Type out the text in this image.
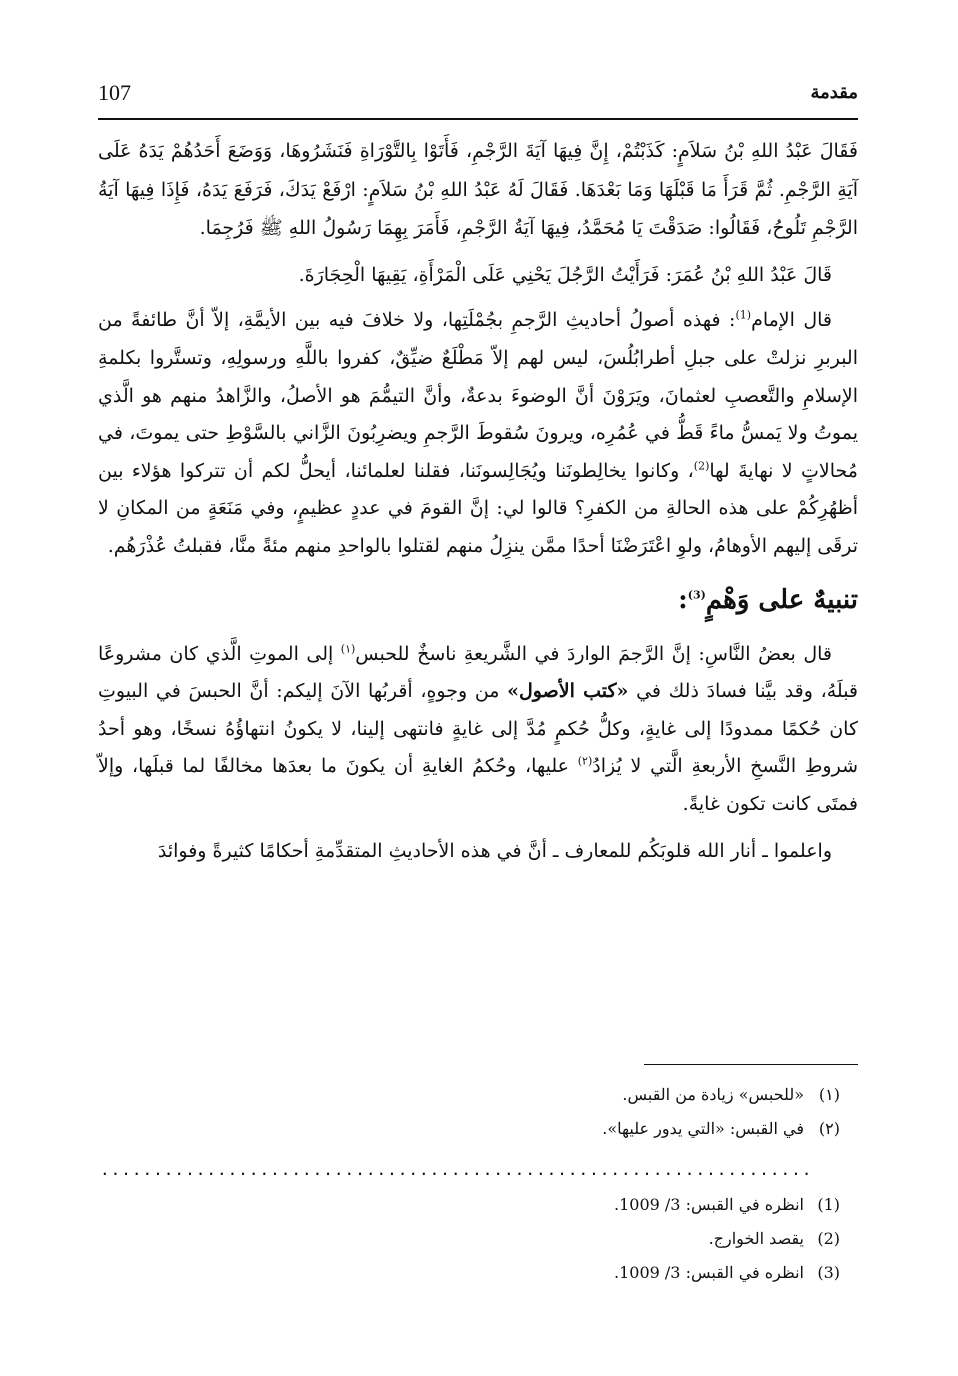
107	مقدمة

فَقَالَ عَبْدُ اللهِ بْنُ سَلاَمٍ: كَذَبْتُمْ، إِنَّ فِيهَا آيَةَ الرَّجْمِ، فَأَتَوْا بِالتَّوْرَاةِ فَنَشَرُوهَا، وَوَضَعَ أَحَدُهُمْ يَدَهُ عَلَى آيَةِ الرَّجْمِ. ثُمَّ قَرَأَ مَا قَبْلَهَا وَمَا بَعْدَهَا. فَقَالَ لَهُ عَبْدُ اللهِ بْنُ سَلاَمٍ: ارْفَعْ يَدَكَ، فَرَفَعَ يَدَهُ، فَإِذَا فِيهَا آيَةُ الرَّجْمِ تَلُوحُ، فَقَالُوا: صَدَقْتَ يَا مُحَمَّدُ، فِيهَا آيَةُ الرَّجْمِ، فَأَمَرَ بِهِمَا رَسُولُ اللهِ ﷺ فَرُجِمَا.

قَالَ عَبْدُ اللهِ بْنُ عُمَرَ: فَرَأَيْتُ الرَّجُلَ يَحْنِي عَلَى الْمَرْأَةِ، يَقِيهَا الْحِجَارَةَ.

قال الإمام$^{(1)}$: فهذه أصولُ أحاديثِ الرَّجمِ بجُمْلَتِها، ولا خلافَ فيه بين الأيمَّةِ، إلاّ أنَّ طائفةً من البربرِ نزلتْ على جبلِ أطرابُلُسَ، ليس لهم إلاّ مَطْلَعٌ ضيِّقٌ، كفروا باللَّهِ ورسولِهِ، وتستَّروا بكلمةِ الإسلامِ والتَّعصبِ لعثمانَ، ويَرَوْنَ أنَّ الوضوءَ بدعةٌ، وأنَّ التيمُّمَ هو الأصلُ، والزَّاهدُ منهم هو الَّذي يموتُ ولا يَمسُّ ماءً قَطُّ في عُمُرِه، ويرونَ سُقوطَ الرَّجمِ ويضرِبُونَ الزَّاني بالسَّوْطِ حتى يموتَ، في مُحالاتٍ لا نهايةَ لها$^{(2)}$، وكانوا يخالِطونَنا ويُجَالِسونَنا، فقلنا لعلمائنا، أيحلُّ لكم أن تتركوا هؤلاء بين أظهُرِكُمْ على هذه الحالةِ من الكفرِ؟ قالوا لي: إنَّ القومَ في عددٍ عظيمٍ، وفي مَنَعَةٍ من المكانِ لا ترقَى إليهم الأوهامُ، ولوِ اعْتَرَضْنَا أحدًا ممَّن ينزِلُ منهم لقتلوا بالواحدِ منهم مئةً منَّا، فقبلتُ عُذْرَهُم.

تنبيهٌ على وَهْمٍ$^{(3)}$:

قال بعضُ النَّاسِ: إنَّ الرَّجمَ الواردَ في الشَّريعةِ ناسخٌ للحبس$^{(١)}$ إلى الموتِ الَّذي كان مشروعًا قبلَهُ، وقد بيَّنا فسادَ ذلك في «كتب الأصول» من وجوهٍ، أقربُها الآنَ إليكم: أنَّ الحبسَ في البيوتِ كان حُكمًا ممدودًا إلى غايةٍ، وكلُّ حُكمٍ مُدَّ إلى غايةٍ فانتهى إلينا، لا يكونُ انتهاؤُهُ نسخًا، وهو أحدُ شروطِ النَّسخِ الأربعةِ الَّتي لا يُزادُ$^{(٢)}$ عليها، وحُكمُ الغايةِ أن يكونَ ما بعدَها مخالفًا لما قبلَها، وإلاّ فمتَى كانت تكون غايةً.

واعلموا ـ أنار الله قلوبَكُم للمعارف ـ أنَّ في هذه الأحاديثِ المتقدِّمةِ أحكامًا كثيرةً وفوائدَ

(١)«للحبس» زيادة من القبس.
(٢)في القبس: «التي يدور عليها».
...................................................................
(1)انظره في القبس: 3/ 1009.
(2)يقصد الخوارج.
(3)انظره في القبس: 3/ 1009.
